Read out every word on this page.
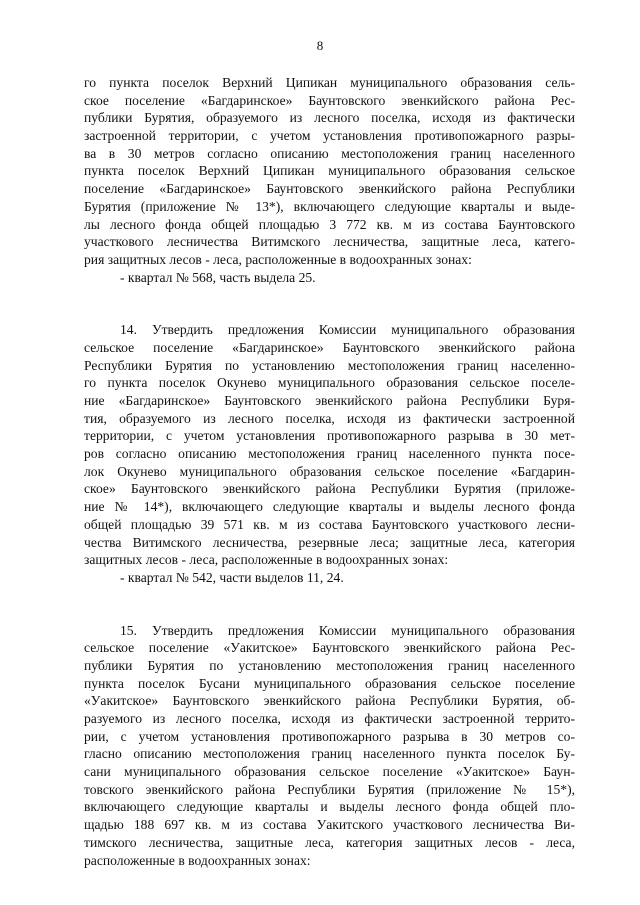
8
го пункта поселок Верхний Ципикан муниципального образования сель-
ское поселение «Багдаринское» Баунтовского эвенкийского района Рес-
публики Бурятия, образуемого из лесного поселка, исходя из фактически
застроенной территории, с учетом установления противопожарного разры-
ва в 30 метров согласно описанию местоположения границ населенного
пункта поселок Верхний Ципикан муниципального образования сельское
поселение «Багдаринское» Баунтовского эвенкийского района Республики
Бурятия (приложение № 13*), включающего следующие кварталы и выде-
лы лесного фонда общей площадью 3 772 кв. м из состава Баунтовского
участкового лесничества Витимского лесничества, защитные леса, катего-
рия защитных лесов - леса, расположенные в водоохранных зонах:
- квартал № 568, часть выдела 25.
14. Утвердить предложения Комиссии муниципального образования
сельское поселение «Багдаринское» Баунтовского эвенкийского района
Республики Бурятия по установлению местоположения границ населенно-
го пункта поселок Окунево муниципального образования сельское поселе-
ние «Багдаринское» Баунтовского эвенкийского района Республики Буря-
тия, образуемого из лесного поселка, исходя из фактически застроенной
территории, с учетом установления противопожарного разрыва в 30 мет-
ров согласно описанию местоположения границ населенного пункта посе-
лок Окунево муниципального образования сельское поселение «Багдарин-
ское» Баунтовского эвенкийского района Республики Бурятия (приложе-
ние № 14*), включающего следующие кварталы и выделы лесного фонда
общей площадью 39 571 кв. м из состава Баунтовского участкового лесни-
чества Витимского лесничества, резервные леса; защитные леса, категория
защитных лесов - леса, расположенные в водоохранных зонах:
- квартал № 542, части выделов 11, 24.
15. Утвердить предложения Комиссии муниципального образования
сельское поселение «Уакитское» Баунтовского эвенкийского района Рес-
публики Бурятия по установлению местоположения границ населенного
пункта поселок Бусани муниципального образования сельское поселение
«Уакитское» Баунтовского эвенкийского района Республики Бурятия, об-
разуемого из лесного поселка, исходя из фактически застроенной террито-
рии, с учетом установления противопожарного разрыва в 30 метров со-
гласно описанию местоположения границ населенного пункта поселок Бу-
сани муниципального образования сельское поселение «Уакитское» Баун-
товского эвенкийского района Республики Бурятия (приложение № 15*),
включающего следующие кварталы и выделы лесного фонда общей пло-
щадью 188 697 кв. м из состава Уакитского участкового лесничества Ви-
тимского лесничества, защитные леса, категория защитных лесов - леса,
расположенные в водоохранных зонах:
